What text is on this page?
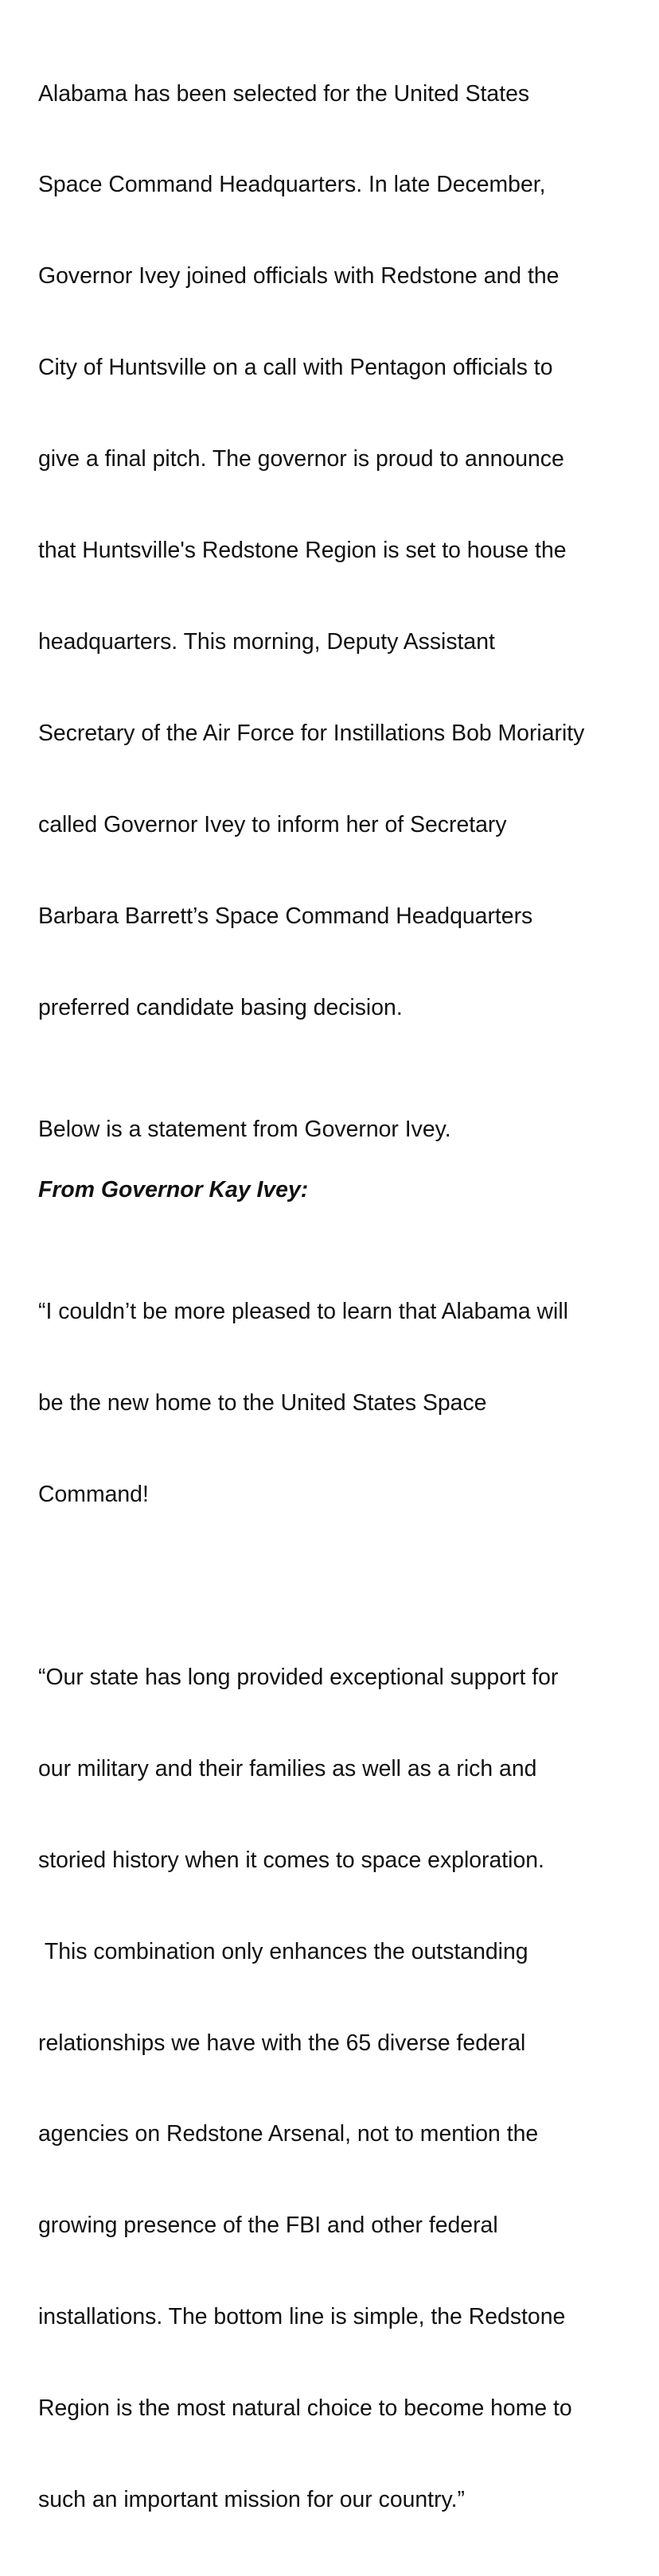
Alabama has been selected for the United States

Space Command Headquarters. In late December,

Governor Ivey joined officials with Redstone and the

City of Huntsville on a call with Pentagon officials to

give a final pitch. The governor is proud to announce

that Huntsville's Redstone Region is set to house the

headquarters. This morning, Deputy Assistant

Secretary of the Air Force for Instillations Bob Moriarity

called Governor Ivey to inform her of Secretary

Barbara Barrett’s Space Command Headquarters

preferred candidate basing decision.

Below is a statement from Governor Ivey.
From Governor Kay Ivey:

“I couldn’t be more pleased to learn that Alabama will

be the new home to the United States Space

Command!

“Our state has long provided exceptional support for

our military and their families as well as a rich and

storied history when it comes to space exploration.

This combination only enhances the outstanding

relationships we have with the 65 diverse federal

agencies on Redstone Arsenal, not to mention the

growing presence of the FBI and other federal

installations. The bottom line is simple, the Redstone

Region is the most natural choice to become home to

such an important mission for our country.”
